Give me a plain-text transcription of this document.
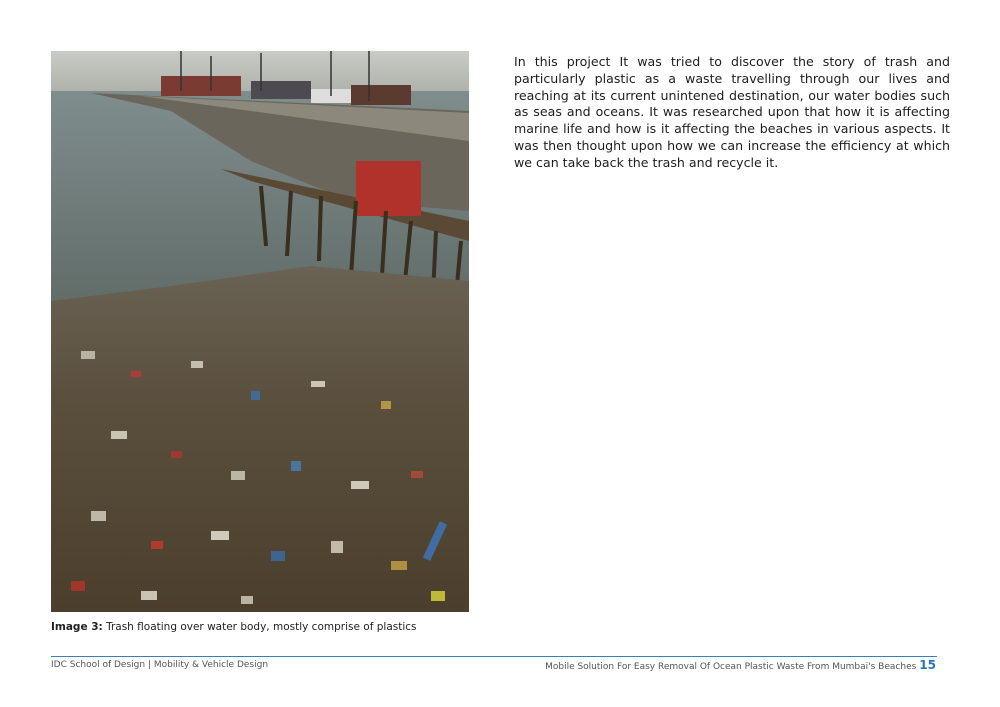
Image 3: Trash floating over water body, mostly comprise of plastics
In this project It was tried to discover the story of trash and particularly plastic as a waste travelling through our lives and reaching at its current unintened destination, our water bodies such as seas and oceans. It was researched upon that how it is affecting marine life and how is it affecting the beaches in various aspects. It was then thought upon how we can increase the efficiency at which we can take back the trash and recycle it.
IDC School of Design | Mobility & Vehicle Design	Mobile Solution For Easy Removal Of Ocean Plastic Waste From Mumbai's Beaches 15
